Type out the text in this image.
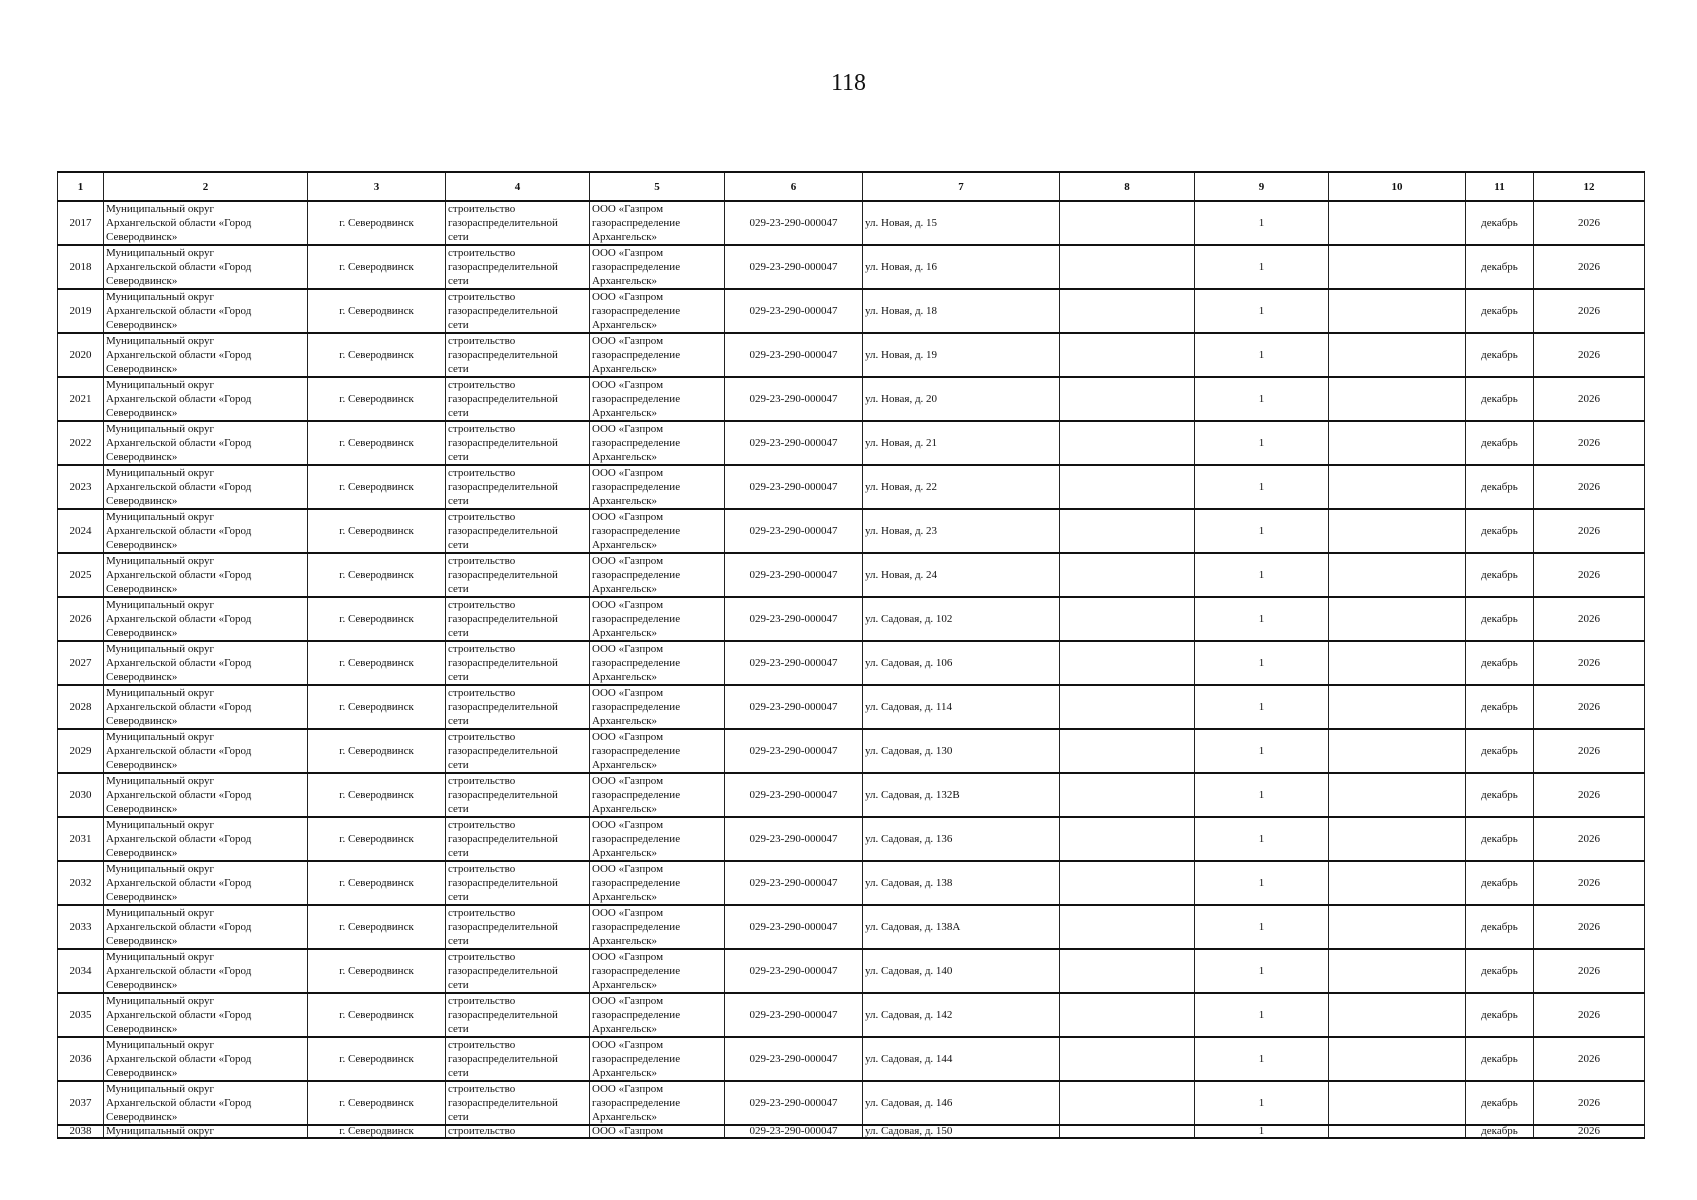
118
1	2	3	4	5	6	7	8	9	10	11	12
2017	Муниципальный округ
Архангельской области «Город
Северодвинск»	г. Северодвинск	строительство
газораспределительной
сети	ООО «Газпром
газораспределение
Архангельск»	029-23-290-000047	ул. Новая, д. 15		1		декабрь	2026
2018	Муниципальный округ
Архангельской области «Город
Северодвинск»	г. Северодвинск	строительство
газораспределительной
сети	ООО «Газпром
газораспределение
Архангельск»	029-23-290-000047	ул. Новая, д. 16		1		декабрь	2026
2019	Муниципальный округ
Архангельской области «Город
Северодвинск»	г. Северодвинск	строительство
газораспределительной
сети	ООО «Газпром
газораспределение
Архангельск»	029-23-290-000047	ул. Новая, д. 18		1		декабрь	2026
2020	Муниципальный округ
Архангельской области «Город
Северодвинск»	г. Северодвинск	строительство
газораспределительной
сети	ООО «Газпром
газораспределение
Архангельск»	029-23-290-000047	ул. Новая, д. 19		1		декабрь	2026
2021	Муниципальный округ
Архангельской области «Город
Северодвинск»	г. Северодвинск	строительство
газораспределительной
сети	ООО «Газпром
газораспределение
Архангельск»	029-23-290-000047	ул. Новая, д. 20		1		декабрь	2026
2022	Муниципальный округ
Архангельской области «Город
Северодвинск»	г. Северодвинск	строительство
газораспределительной
сети	ООО «Газпром
газораспределение
Архангельск»	029-23-290-000047	ул. Новая, д. 21		1		декабрь	2026
2023	Муниципальный округ
Архангельской области «Город
Северодвинск»	г. Северодвинск	строительство
газораспределительной
сети	ООО «Газпром
газораспределение
Архангельск»	029-23-290-000047	ул. Новая, д. 22		1		декабрь	2026
2024	Муниципальный округ
Архангельской области «Город
Северодвинск»	г. Северодвинск	строительство
газораспределительной
сети	ООО «Газпром
газораспределение
Архангельск»	029-23-290-000047	ул. Новая, д. 23		1		декабрь	2026
2025	Муниципальный округ
Архангельской области «Город
Северодвинск»	г. Северодвинск	строительство
газораспределительной
сети	ООО «Газпром
газораспределение
Архангельск»	029-23-290-000047	ул. Новая, д. 24		1		декабрь	2026
2026	Муниципальный округ
Архангельской области «Город
Северодвинск»	г. Северодвинск	строительство
газораспределительной
сети	ООО «Газпром
газораспределение
Архангельск»	029-23-290-000047	ул. Садовая, д. 102		1		декабрь	2026
2027	Муниципальный округ
Архангельской области «Город
Северодвинск»	г. Северодвинск	строительство
газораспределительной
сети	ООО «Газпром
газораспределение
Архангельск»	029-23-290-000047	ул. Садовая, д. 106		1		декабрь	2026
2028	Муниципальный округ
Архангельской области «Город
Северодвинск»	г. Северодвинск	строительство
газораспределительной
сети	ООО «Газпром
газораспределение
Архангельск»	029-23-290-000047	ул. Садовая, д. 114		1		декабрь	2026
2029	Муниципальный округ
Архангельской области «Город
Северодвинск»	г. Северодвинск	строительство
газораспределительной
сети	ООО «Газпром
газораспределение
Архангельск»	029-23-290-000047	ул. Садовая, д. 130		1		декабрь	2026
2030	Муниципальный округ
Архангельской области «Город
Северодвинск»	г. Северодвинск	строительство
газораспределительной
сети	ООО «Газпром
газораспределение
Архангельск»	029-23-290-000047	ул. Садовая, д. 132В		1		декабрь	2026
2031	Муниципальный округ
Архангельской области «Город
Северодвинск»	г. Северодвинск	строительство
газораспределительной
сети	ООО «Газпром
газораспределение
Архангельск»	029-23-290-000047	ул. Садовая, д. 136		1		декабрь	2026
2032	Муниципальный округ
Архангельской области «Город
Северодвинск»	г. Северодвинск	строительство
газораспределительной
сети	ООО «Газпром
газораспределение
Архангельск»	029-23-290-000047	ул. Садовая, д. 138		1		декабрь	2026
2033	Муниципальный округ
Архангельской области «Город
Северодвинск»	г. Северодвинск	строительство
газораспределительной
сети	ООО «Газпром
газораспределение
Архангельск»	029-23-290-000047	ул. Садовая, д. 138А		1		декабрь	2026
2034	Муниципальный округ
Архангельской области «Город
Северодвинск»	г. Северодвинск	строительство
газораспределительной
сети	ООО «Газпром
газораспределение
Архангельск»	029-23-290-000047	ул. Садовая, д. 140		1		декабрь	2026
2035	Муниципальный округ
Архангельской области «Город
Северодвинск»	г. Северодвинск	строительство
газораспределительной
сети	ООО «Газпром
газораспределение
Архангельск»	029-23-290-000047	ул. Садовая, д. 142		1		декабрь	2026
2036	Муниципальный округ
Архангельской области «Город
Северодвинск»	г. Северодвинск	строительство
газораспределительной
сети	ООО «Газпром
газораспределение
Архангельск»	029-23-290-000047	ул. Садовая, д. 144		1		декабрь	2026
2037	Муниципальный округ
Архангельской области «Город
Северодвинск»	г. Северодвинск	строительство
газораспределительной
сети	ООО «Газпром
газораспределение
Архангельск»	029-23-290-000047	ул. Садовая, д. 146		1		декабрь	2026
2038	Муниципальный округ	г. Северодвинск	строительство	ООО «Газпром	029-23-290-000047	ул. Садовая, д. 150		1		декабрь	2026
